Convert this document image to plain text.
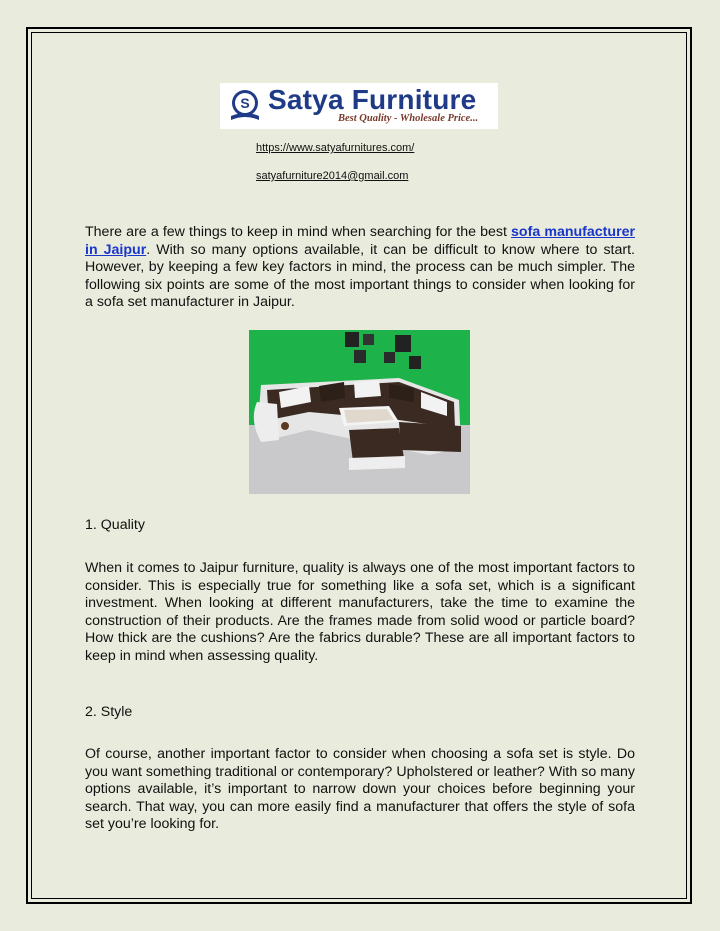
S Satya Furniture
Best Quality - Wholesale Price...
https://www.satyafurnitures.com/
satyafurniture2014@gmail.com

There are a few things to keep in mind when searching for the best sofa manufacturer in Jaipur. With so many options available, it can be difficult to know where to start. However, by keeping a few key factors in mind, the process can be much simpler. The following six points are some of the most important things to consider when looking for a sofa set manufacturer in Jaipur.

1. Quality

When it comes to Jaipur furniture, quality is always one of the most important factors to consider. This is especially true for something like a sofa set, which is a significant investment. When looking at different manufacturers, take the time to examine the construction of their products. Are the frames made from solid wood or particle board? How thick are the cushions? Are the fabrics durable? These are all important factors to keep in mind when assessing quality.

2. Style

Of course, another important factor to consider when choosing a sofa set is style. Do you want something traditional or contemporary? Upholstered or leather? With so many options available, it’s important to narrow down your choices before beginning your search. That way, you can more easily find a manufacturer that offers the style of sofa set you’re looking for.
